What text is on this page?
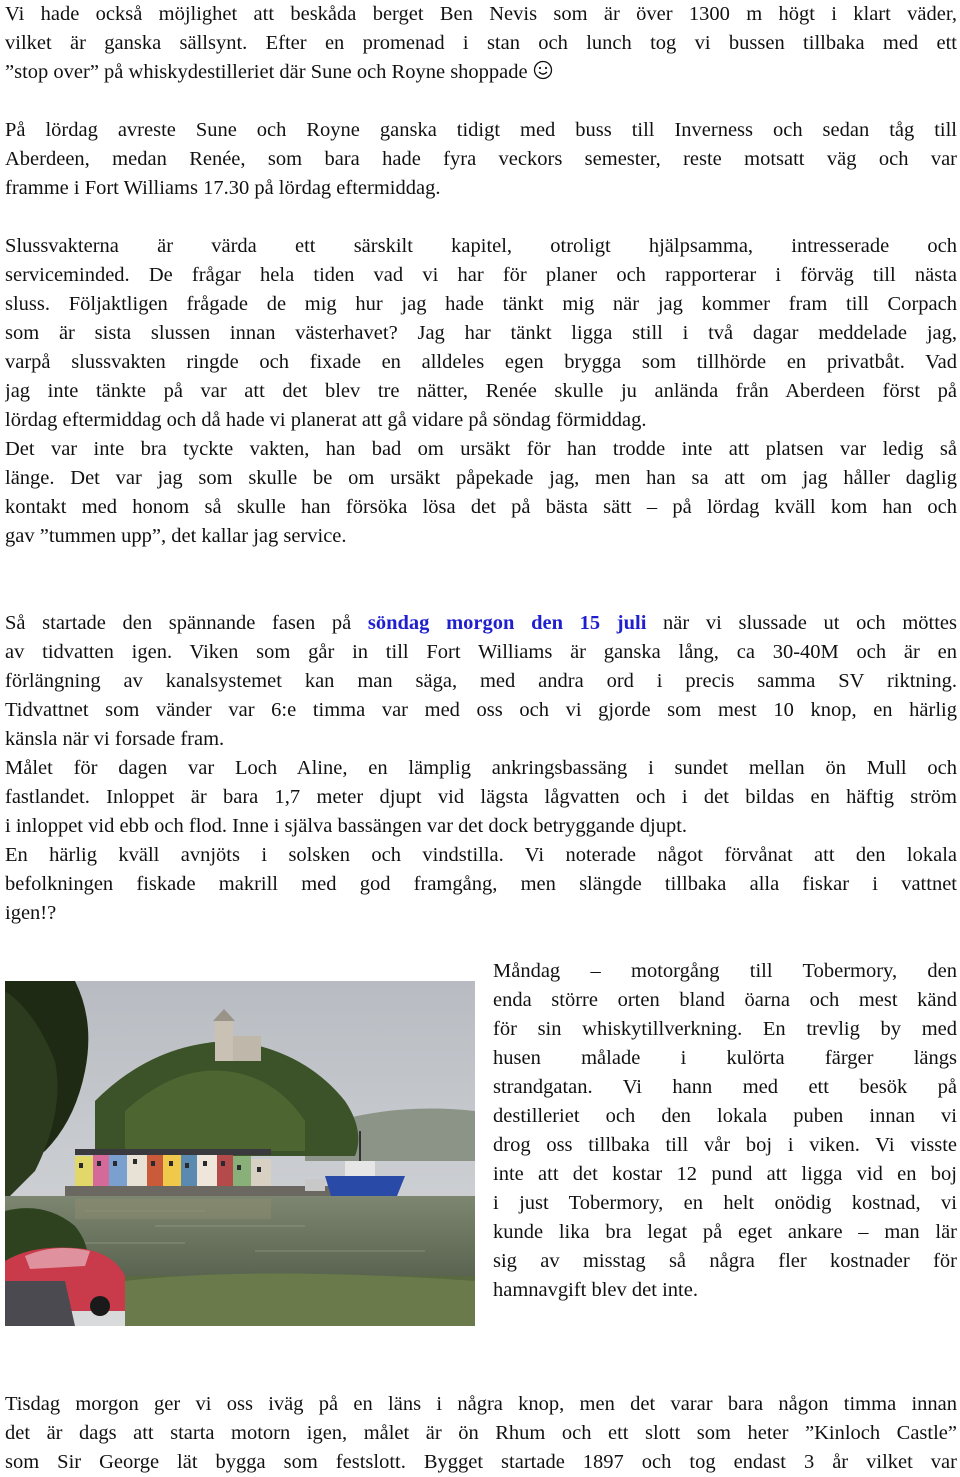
Vi hade också möjlighet att beskåda berget Ben Nevis som är över 1300 m högt i klart väder,
vilket är ganska sällsynt. Efter en promenad i stan och lunch tog vi bussen tillbaka med ett
”stop over” på whiskydestilleriet där Sune och Royne shoppade
På lördag avreste Sune och Royne ganska tidigt med buss till Inverness och sedan tåg till
Aberdeen, medan Renée, som bara hade fyra veckors semester, reste motsatt väg och var
framme i Fort Williams 17.30 på lördag eftermiddag.
Slussvakterna är värda ett särskilt kapitel, otroligt hjälpsamma, intresserade och
serviceminded. De frågar hela tiden vad vi har för planer och rapporterar i förväg till nästa
sluss. Följaktligen frågade de mig hur jag hade tänkt mig när jag kommer fram till Corpach
som är sista slussen innan västerhavet? Jag har tänkt ligga still i två dagar meddelade jag,
varpå slussvakten ringde och fixade en alldeles egen brygga som tillhörde en privatbåt. Vad
jag inte tänkte på var att det blev tre nätter, Renée skulle ju anlända från Aberdeen först på
lördag eftermiddag och då hade vi planerat att gå vidare på söndag förmiddag.
Det var inte bra tyckte vakten, han bad om ursäkt för han trodde inte att platsen var ledig så
länge. Det var jag som skulle be om ursäkt påpekade jag, men han sa att om jag håller daglig
kontakt med honom så skulle han försöka lösa det på bästa sätt – på lördag kväll kom han och
gav ”tummen upp”, det kallar jag service.
Så startade den spännande fasen på söndag morgon den 15 juli när vi slussade ut och möttes
av tidvatten igen. Viken som går in till Fort Williams är ganska lång, ca 30-40M och är en
förlängning av kanalsystemet kan man säga, med andra ord i precis samma SV riktning.
Tidvattnet som vänder var 6:e timma var med oss och vi gjorde som mest 10 knop, en härlig
känsla när vi forsade fram.
Målet för dagen var Loch Aline, en lämplig ankringsbassäng i sundet mellan ön Mull och
fastlandet. Inloppet är bara 1,7 meter djupt vid lägsta lågvatten och i det bildas en häftig ström
i inloppet vid ebb och flod. Inne i själva bassängen var det dock betryggande djupt.
En härlig kväll avnjöts i solsken och vindstilla. Vi noterade något förvånat att den lokala
befolkningen fiskade makrill med god framgång, men slängde tillbaka alla fiskar i vattnet
igen!?
Måndag – motorgång till Tobermory, den
enda större orten bland öarna och mest känd
för sin whiskytillverkning. En trevlig by med
husen målade i kulörta färger längs
strandgatan. Vi hann med ett besök på
destilleriet och den lokala puben innan vi
drog oss tillbaka till vår boj i viken. Vi visste
inte att det kostar 12 pund att ligga vid en boj
i just Tobermory, en helt onödig kostnad, vi
kunde lika bra legat på eget ankare – man lär
sig av misstag så några fler kostnader för
hamnavgift blev det inte.
Tisdag morgon ger vi oss iväg på en läns i några knop, men det varar bara någon timma innan
det är dags att starta motorn igen, målet är ön Rhum och ett slott som heter ”Kinloch Castle”
som Sir George lät bygga som festslott. Bygget startade 1897 och tog endast 3 år vilket var
